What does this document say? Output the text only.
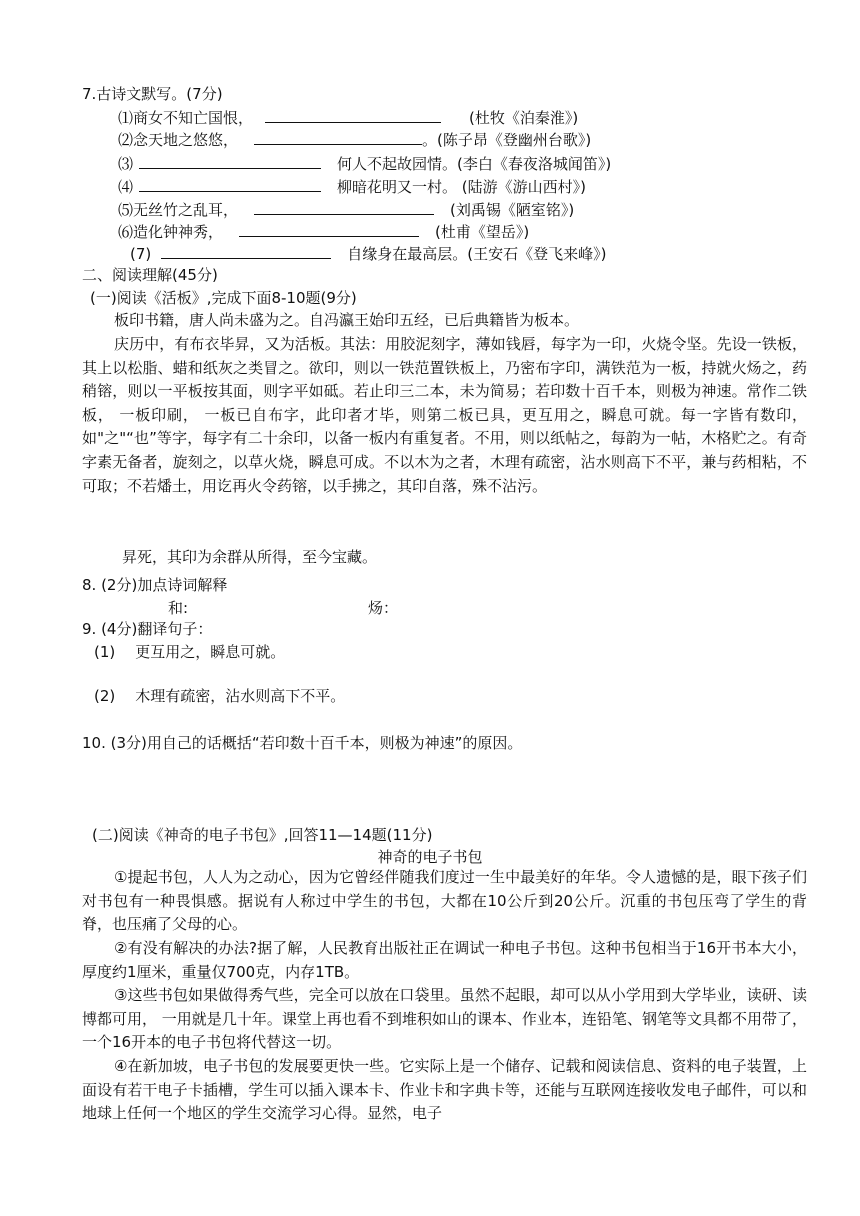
7.古诗文默写。(7分)
⑴商女不知亡国恨，	(杜牧《泊秦淮》)
⑵念天地之悠悠，	。(陈子昂《登幽州台歌》)
⑶	何人不起故园情。(李白《春夜洛城闻笛》)
⑷	柳暗花明又一村。 (陆游《游山西村》)
⑸无丝竹之乱耳，	(刘禹锡《陋室铭》)
⑹造化钟神秀，	(杜甫《望岳》)
(7)	自缘身在最高层。(王安石《登飞来峰》)
二、阅读理解(45分)
(一)阅读《活板》,完成下面8-10题(9分)
板印书籍，唐人尚未盛为之。自冯瀛王始印五经，已后典籍皆为板本。
庆历中，有布衣毕昇，又为活板。其法：用胶泥刻字，薄如钱唇，每字为一印，火烧令坚。先设一铁板，其上以松脂、蜡和纸灰之类冒之。欲印，则以一铁范置铁板上，乃密布字印，满铁范为一板，持就火炀之，药稍镕，则以一平板按其面，则字平如砥。若止印三二本，未为简易；若印数十百千本，则极为神速。常作二铁板， 一板印刷， 一板已自布字，此印者才毕，则第二板已具，更互用之，瞬息可就。每一字皆有数印，如"之"“也”等字，每字有二十余印，以备一板内有重复者。不用，则以纸帖之，每韵为一帖，木格贮之。有奇字素无备者，旋刻之，以草火烧，瞬息可成。不以木为之者，木理有疏密，沾水则高下不平，兼与药相粘，不可取；不若燔土，用讫再火令药镕，以手拂之，其印自落，殊不沾污。
昇死，其印为余群从所得，至今宝藏。
8. (2分)加点诗词解释
和:	炀：
9. (4分)翻译句子：
(1) 更互用之，瞬息可就。
(2) 木理有疏密，沾水则高下不平。
10. (3分)用自己的话概括“若印数十百千本，则极为神速”的原因。
(二)阅读《神奇的电子书包》,回答11—14题(11分)
神奇的电子书包
①提起书包，人人为之动心，因为它曾经伴随我们度过一生中最美好的年华。令人遗憾的是，眼下孩子们对书包有一种畏惧感。据说有人称过中学生的书包，大都在10公斤到20公斤。沉重的书包压弯了学生的背脊，也压痛了父母的心。
②有没有解决的办法?据了解，人民教育出版社正在调试一种电子书包。这种书包相当于16开书本大小，厚度约1厘米，重量仅700克，内存1TB。
③这些书包如果做得秀气些，完全可以放在口袋里。虽然不起眼，却可以从小学用到大学毕业，读研、读博都可用， 一用就是几十年。课堂上再也看不到堆积如山的课本、作业本，连铅笔、钢笔等文具都不用带了， 一个16开本的电子书包将代替这一切。
④在新加坡，电子书包的发展要更快一些。它实际上是一个储存、记载和阅读信息、资料的电子装置，上面设有若干电子卡插槽，学生可以插入课本卡、作业卡和字典卡等，还能与互联网连接收发电子邮件，可以和地球上任何一个地区的学生交流学习心得。显然，电子
